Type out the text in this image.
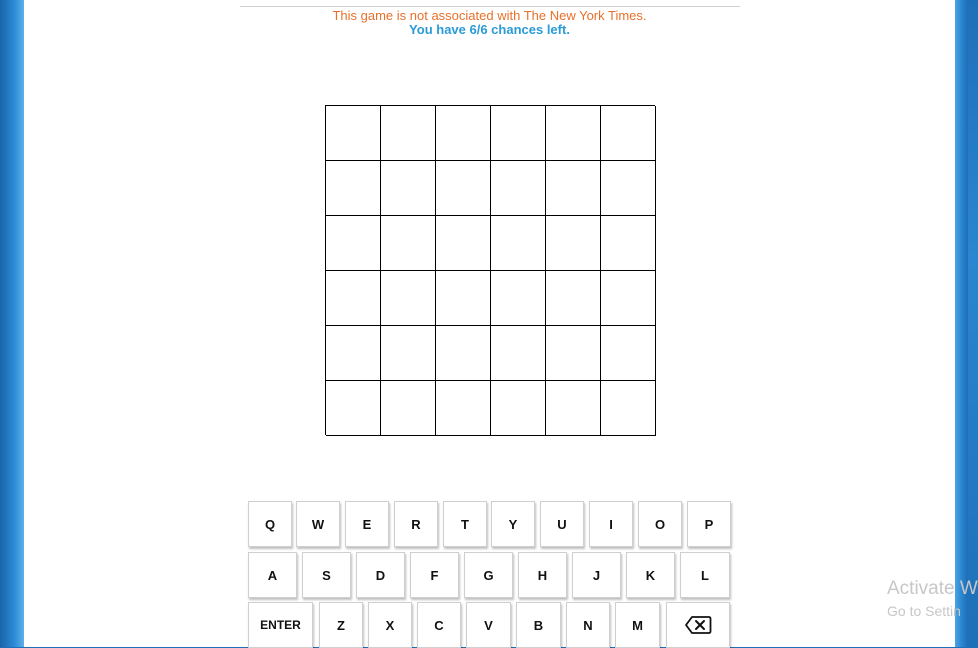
This game is not associated with The New York Times.
You have 6/6 chances left.
Q	W	E	R	T	Y	U	I	O	P
A	S	D	F	G	H	J	K	L
ENTER	Z	X	C	V	B	N	M
Activate W
Go to Settin
